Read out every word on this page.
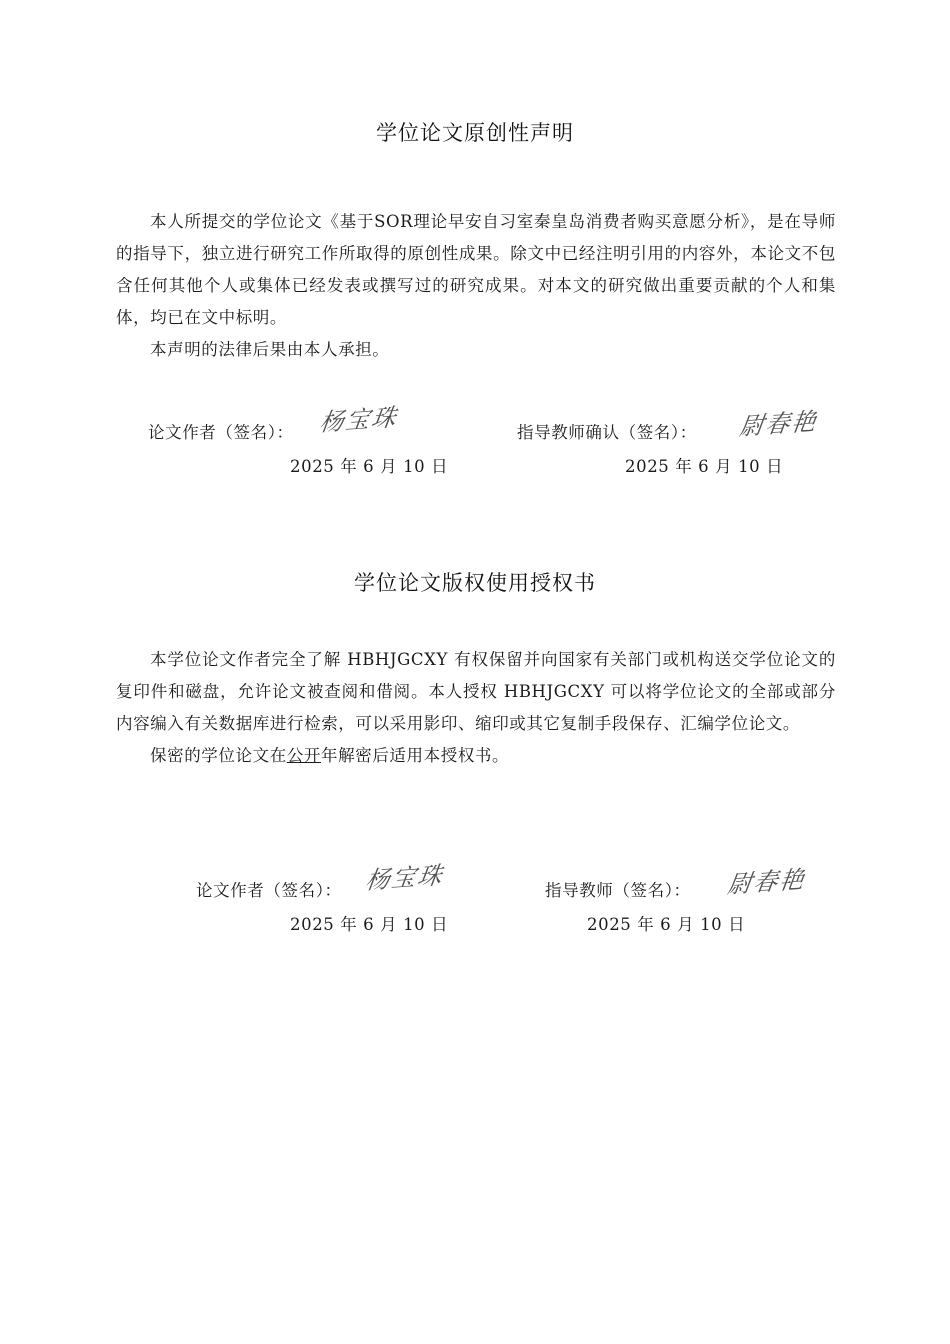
学位论文原创性声明

本人所提交的学位论文《基于SOR理论早安自习室秦皇岛消费者购买意愿分析》，是在导师的指导下，独立进行研究工作所取得的原创性成果。除文中已经注明引用的内容外，本论文不包含任何其他个人或集体已经发表或撰写过的研究成果。对本文的研究做出重要贡献的个人和集体，均已在文中标明。

本声明的法律后果由本人承担。

论文作者（签名）： 杨宝珠
2025 年 6 月 10 日
指导教师确认（签名）： 尉春艳
2025 年 6 月 10 日
学位论文版权使用授权书

本学位论文作者完全了解 HBHJGCXY 有权保留并向国家有关部门或机构送交学位论文的复印件和磁盘，允许论文被查阅和借阅。本人授权 HBHJGCXY 可以将学位论文的全部或部分内容编入有关数据库进行检索，可以采用影印、缩印或其它复制手段保存、汇编学位论文。

保密的学位论文在公开年解密后适用本授权书。

论文作者（签名）： 杨宝珠
2025 年 6 月 10 日
指导教师（签名）： 尉春艳
2025 年 6 月 10 日
